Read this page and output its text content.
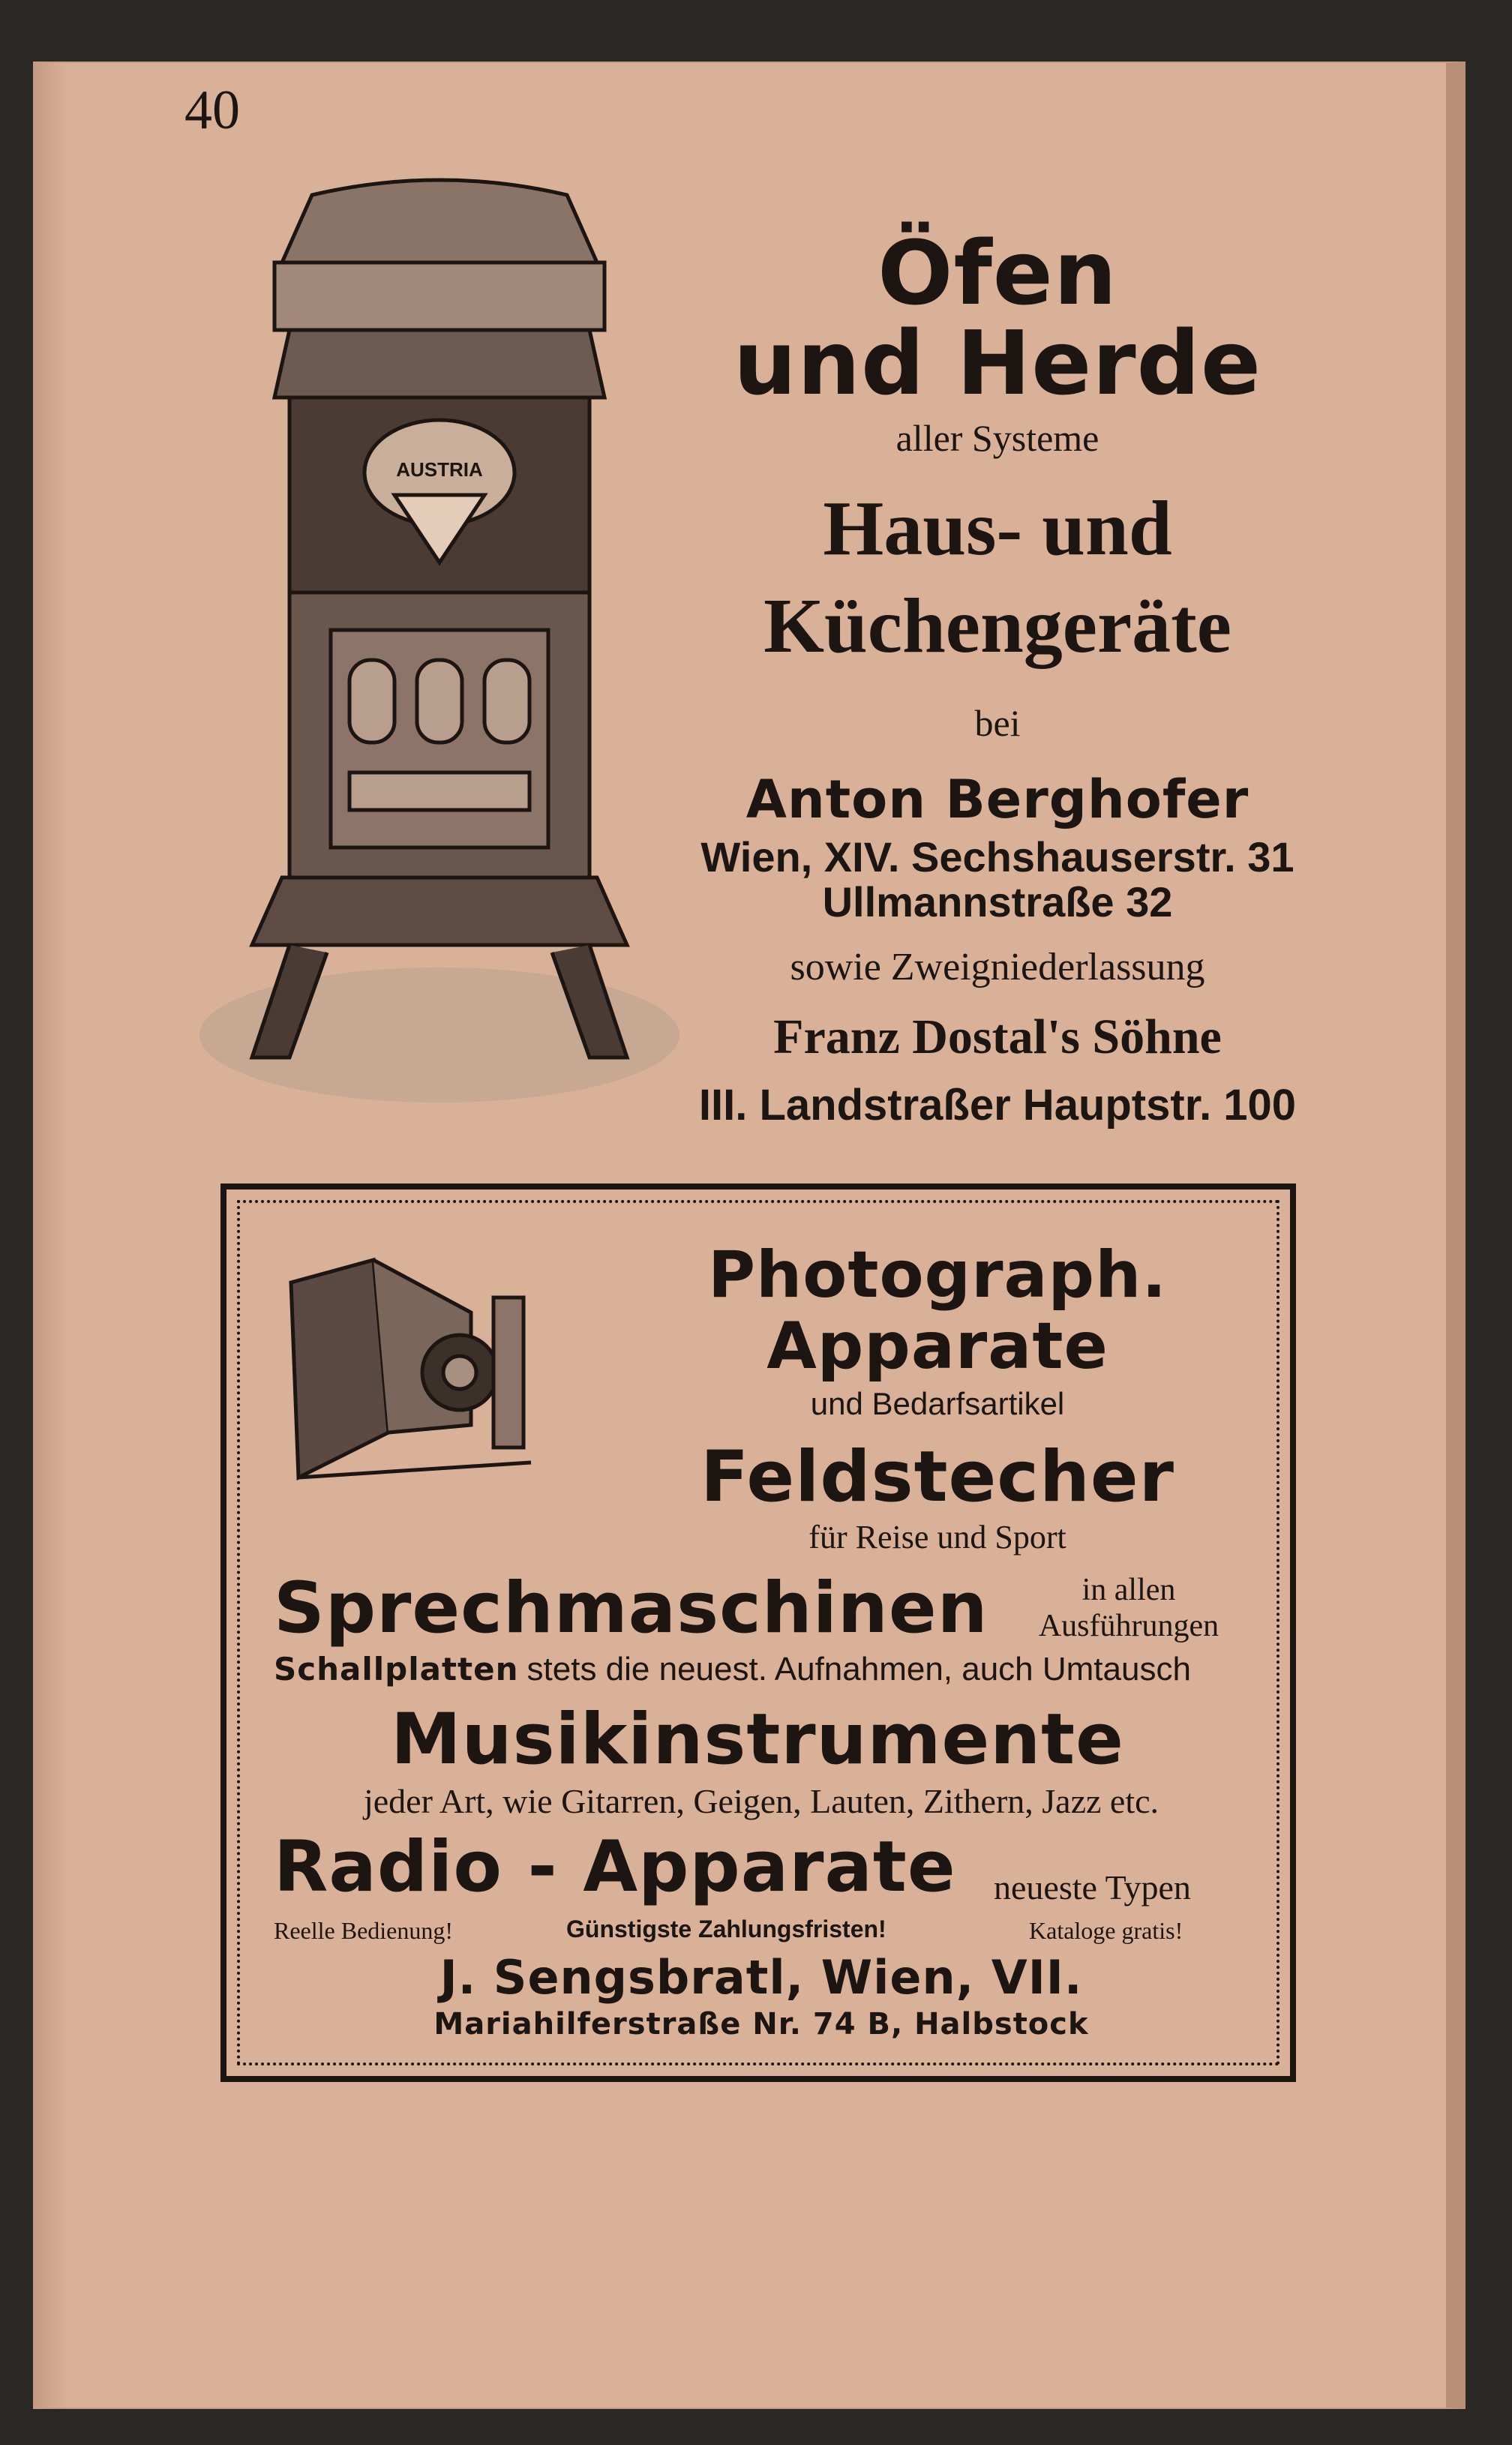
40
AUSTRIA
Öfen
und Herde
aller Systeme
Haus- und
Küchengeräte
bei
Anton Berghofer
Wien, XIV. Sechshauserstr. 31
Ullmannstraße 32
sowie Zweigniederlassung
Franz Dostal's Söhne
III. Landstraßer Hauptstr. 100
Photograph.
Apparate
und Bedarfsartikel
Feldstecher
für Reise und Sport
Sprechmaschinen	in allen
Ausführungen
Schallplatten stets die neuest. Aufnahmen, auch Umtausch
Musikinstrumente
jeder Art, wie Gitarren, Geigen, Lauten, Zithern, Jazz etc.
Radio - Apparate neueste Typen
Reelle Bedienung!	Günstigste Zahlungsfristen!	Kataloge gratis!
J. Sengsbratl, Wien, VII.
Mariahilferstraße Nr. 74 B, Halbstock
